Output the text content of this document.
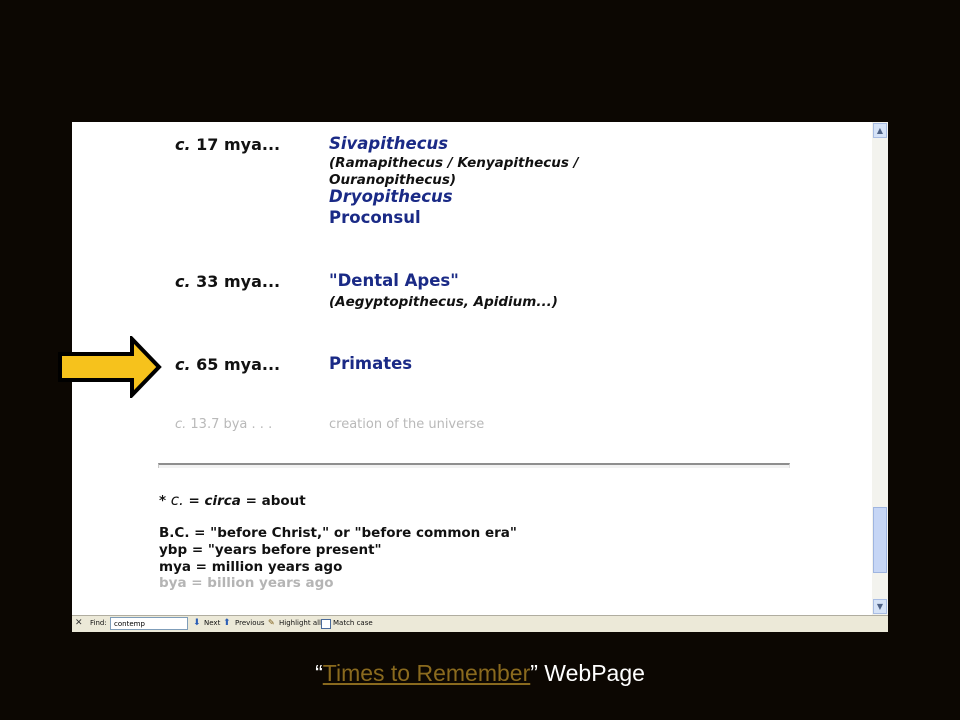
c. 17 mya...	Sivapithecus
(Ramapithecus / Kenyapithecus /
Ouranopithecus)
Dryopithecus
Proconsul
c. 33 mya...	"Dental Apes"
(Aegyptopithecus, Apidium...)
c. 65 mya...	Primates
c. 13.7 bya . . .	creation of the universe
* c. = circa = about
B.C. = "before Christ," or "before common era"
ybp = "years before present"
mya = million years ago
bya = billion years ago
▲
▼
✕ Find:
contemp	⬇ Next ⬆ Previous ✎ Highlight all Match case
“Times to Remember” WebPage
